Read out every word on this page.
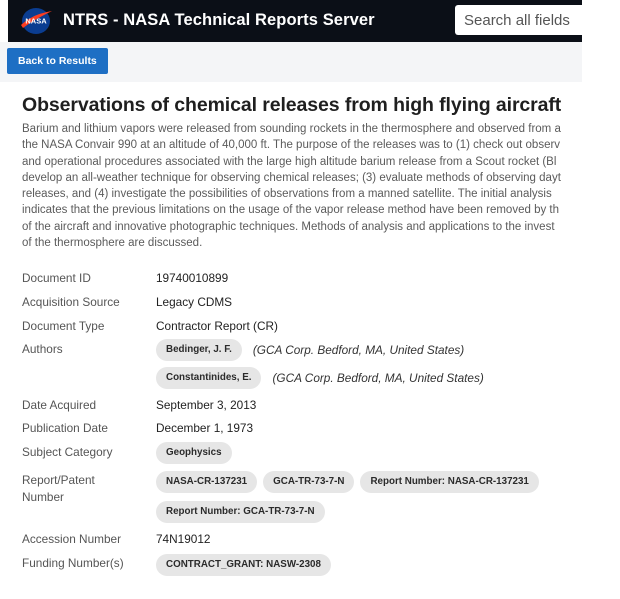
NASA NTRS - NASA Technical Reports Server
Search all fields
Back to Results
Observations of chemical releases from high flying aircraft
Barium and lithium vapors were released from sounding rockets in the thermosphere and observed from a
the NASA Convair 990 at an altitude of 40,000 ft. The purpose of the releases was to (1) check out observ
and operational procedures associated with the large high altitude barium release from a Scout rocket (Bl
develop an all-weather technique for observing chemical releases; (3) evaluate methods of observing dayt
releases, and (4) investigate the possibilities of observations from a manned satellite. The initial analysis
indicates that the previous limitations on the usage of the vapor release method have been removed by th
of the aircraft and innovative photographic techniques. Methods of analysis and applications to the invest
of the thermosphere are discussed.
Document ID	19740010899
Acquisition Source	Legacy CDMS
Document Type	Contractor Report (CR)
Authors	Bedinger, J. F. (GCA Corp. Bedford, MA, United States)
Constantinides, E. (GCA Corp. Bedford, MA, United States)
Date Acquired	September 3, 2013
Publication Date	December 1, 1973
Subject Category	Geophysics
Report/Patent
Number
NASA-CR-137231	GCA-TR-73-7-N	Report Number: NASA-CR-137231
Report Number: GCA-TR-73-7-N
Accession Number	74N19012
Funding Number(s)	CONTRACT_GRANT: NASW-2308
